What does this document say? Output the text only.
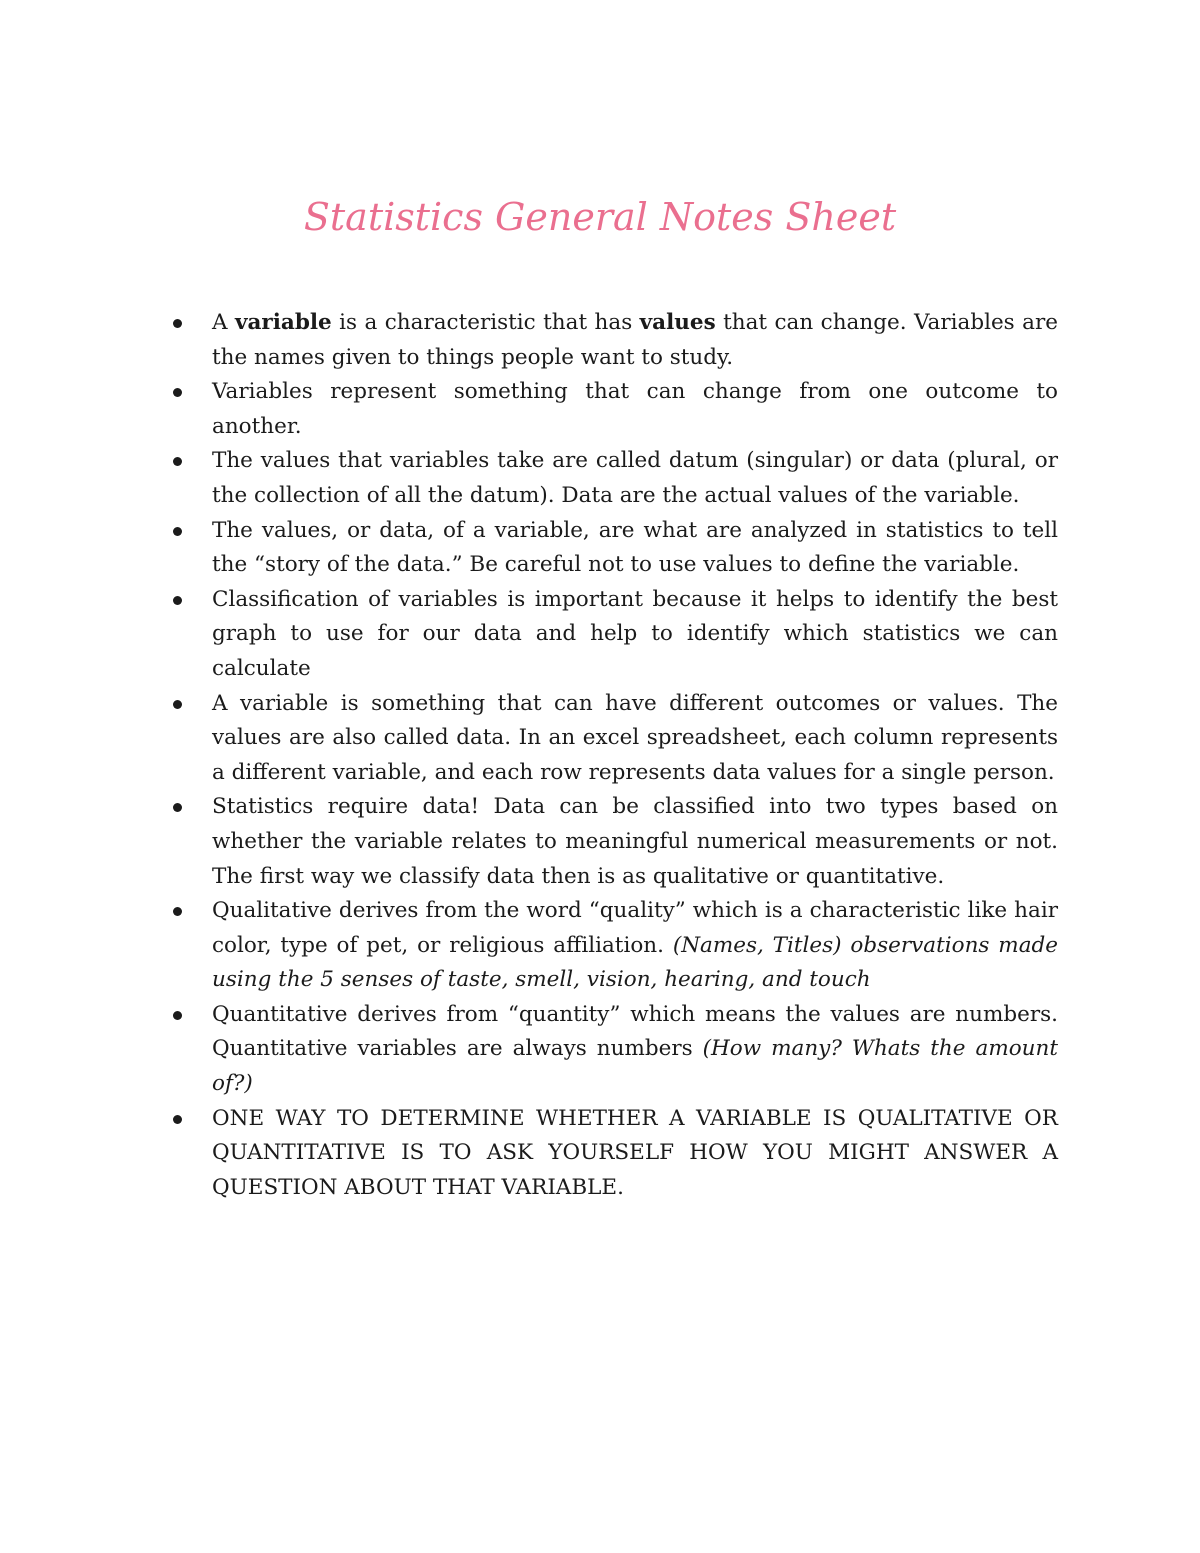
Statistics General Notes Sheet
A variable is a characteristic that has values that can change. Variables are the names given to things people want to study.
Variables represent something that can change from one outcome to another.
The values that variables take are called datum (singular) or data (plural, or the collection of all the datum). Data are the actual values of the variable.
The values, or data, of a variable, are what are analyzed in statistics to tell the “story of the data.” Be careful not to use values to define the variable.
Classification of variables is important because it helps to identify the best graph to use for our data and help to identify which statistics we can calculate
A variable is something that can have different outcomes or values. The values are also called data. In an excel spreadsheet, each column represents a different variable, and each row represents data values for a single person.
Statistics require data! Data can be classified into two types based on whether the variable relates to meaningful numerical measurements or not. The first way we classify data then is as qualitative or quantitative.
Qualitative derives from the word “quality” which is a characteristic like hair color, type of pet, or religious affiliation. (Names, Titles) observations made using the 5 senses of taste, smell, vision, hearing, and touch
Quantitative derives from “quantity” which means the values are numbers. Quantitative variables are always numbers (How many? Whats the amount of?)
ONE WAY TO DETERMINE WHETHER A VARIABLE IS QUALITATIVE OR QUANTITATIVE IS TO ASK YOURSELF HOW YOU MIGHT ANSWER A QUESTION ABOUT THAT VARIABLE.
